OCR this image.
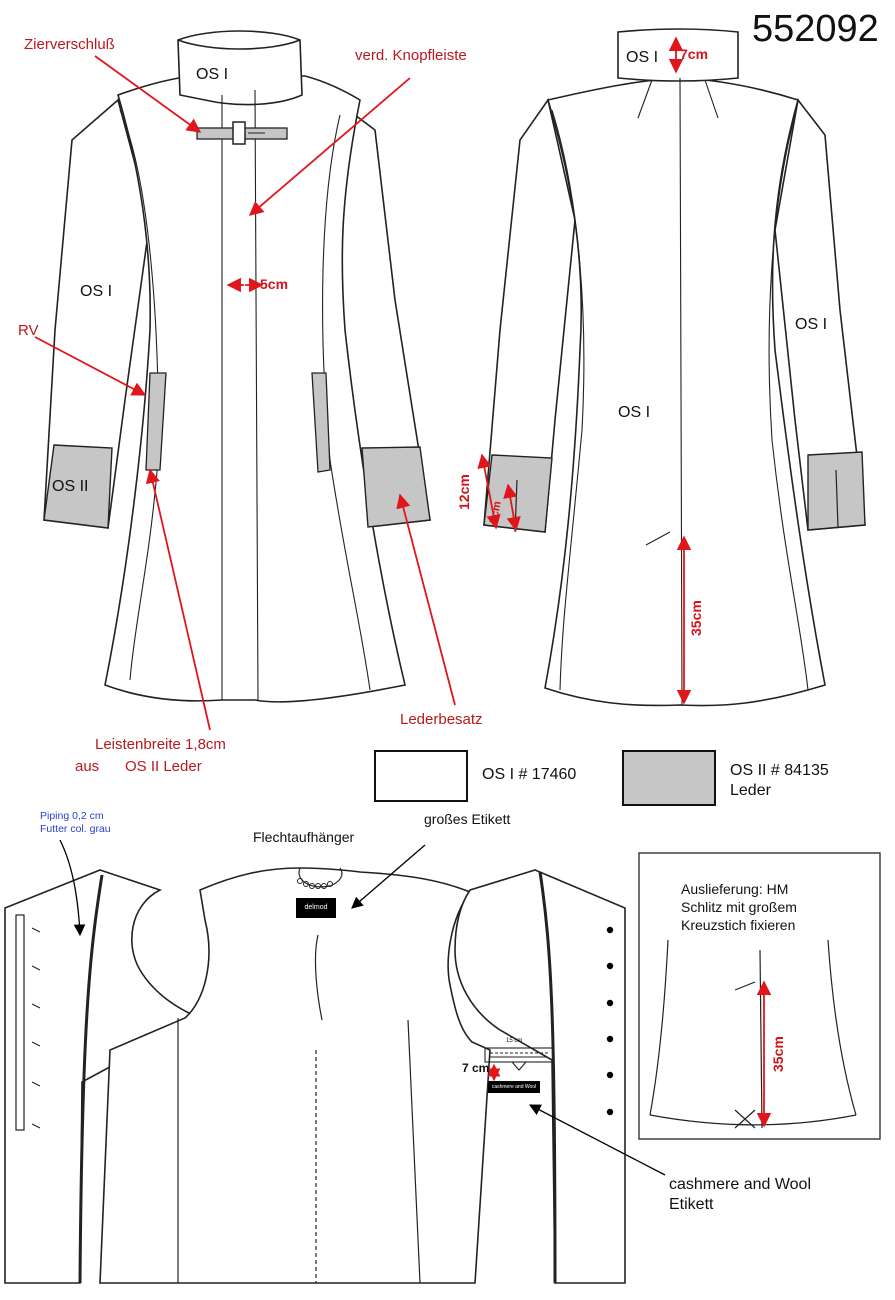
552092
Zierverschluß
verd. Knopfleiste
RV
Leistenbreite 1,8cm
aus OS II Leder
Lederbesatz
OS I
OS I
OS II
5cm
OS I
OS I
OS I
7cm
12cm
7cm
35cm
OS I # 17460	OS II # 84135
Leder
Piping 0,2 cm
Futter col. grau	Flechtaufhänger
großes Etikett
delmod
15 cm
7 cm
cashmere and Wool
cashmere and Wool
Etikett
Auslieferung: HM
Schlitz mit großem
Kreuzstich fixieren
35cm
